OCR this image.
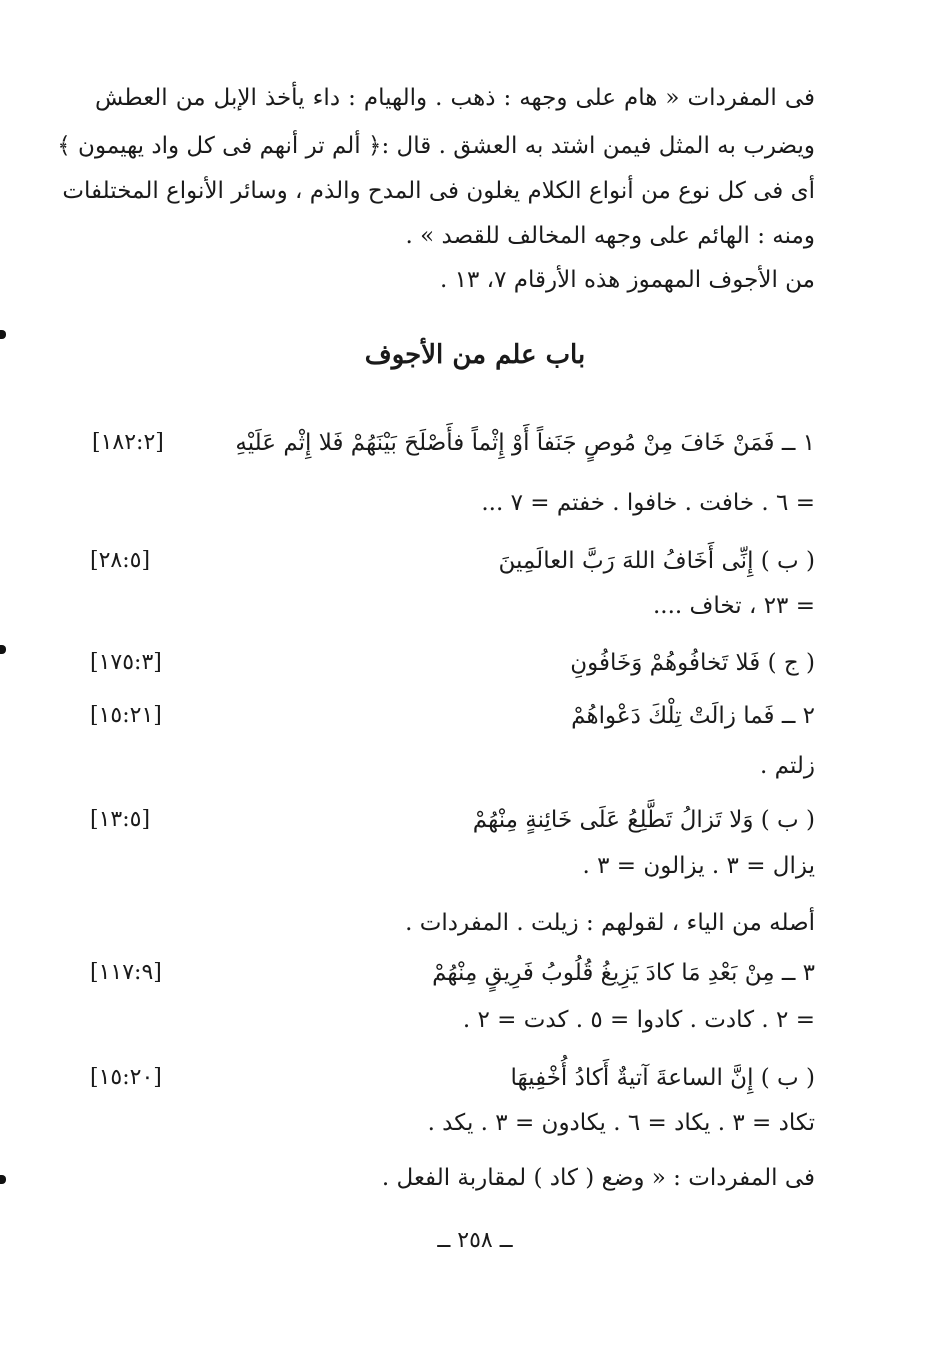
فى المفردات « هام على وجهه : ذهب . والهيام : داء يأخذ الإبل من العطش
ويضرب به المثل فيمن اشتد به العشق . قال :﴿ ألم تر أنهم فى كل واد يهيمون ﴾
أى فى كل نوع من أنواع الكلام يغلون فى المدح والذم ، وسائر الأنواع المختلفات
ومنه : الهائم على وجهه المخالف للقصد » .
من الأجوف المهموز هذه الأرقام ٧، ١٣ .
باب علم من الأجوف
١ ــ فَمَنْ خَافَ مِنْ مُوصٍ جَنَفاً أَوْ إِثْماً فأَصْلَحَ بَيْنَهُمْ فَلا إِثْم عَلَيْهِ
[١٨٢:٢]
= ٦ . خافت . خافوا . خفتم = ٧ ...
( ب ) إِنِّى أَخَافُ اللهَ رَبَّ العالَمِينَ
[٢٨:٥]
= ٢٣ ، تخاف ....
( ج ) فَلا تَخافُوهُمْ وَخَافُونِ
[١٧٥:٣]
٢ ــ فَما زالَتْ تِلْكَ دَعْواهُمْ
[١٥:٢١]
زلتم .
( ب ) وَلا تَزالُ تَطَّلِعُ عَلَى خَائِنةٍ مِنْهُمْ
[١٣:٥]
يزال = ٣ . يزالون = ٣ .
أصله من الياء ، لقولهم : زيلت . المفردات .
٣ ــ مِنْ بَعْدِ مَا كادَ يَزِيغُ قُلُوبُ فَرِيقٍ مِنْهُمْ
[١١٧:٩]
= ٢ . كادت . كادوا = ٥ . كدت = ٢ .
( ب ) إِنَّ الساعةَ آتيةٌ أَكادُ أُخْفِيهَا
[١٥:٢٠]
تكاد = ٣ . يكاد = ٦ . يكادون = ٣ . يكد .
فى المفردات : « وضع ( كاد ) لمقاربة الفعل .
ــ ٢٥٨ ــ
